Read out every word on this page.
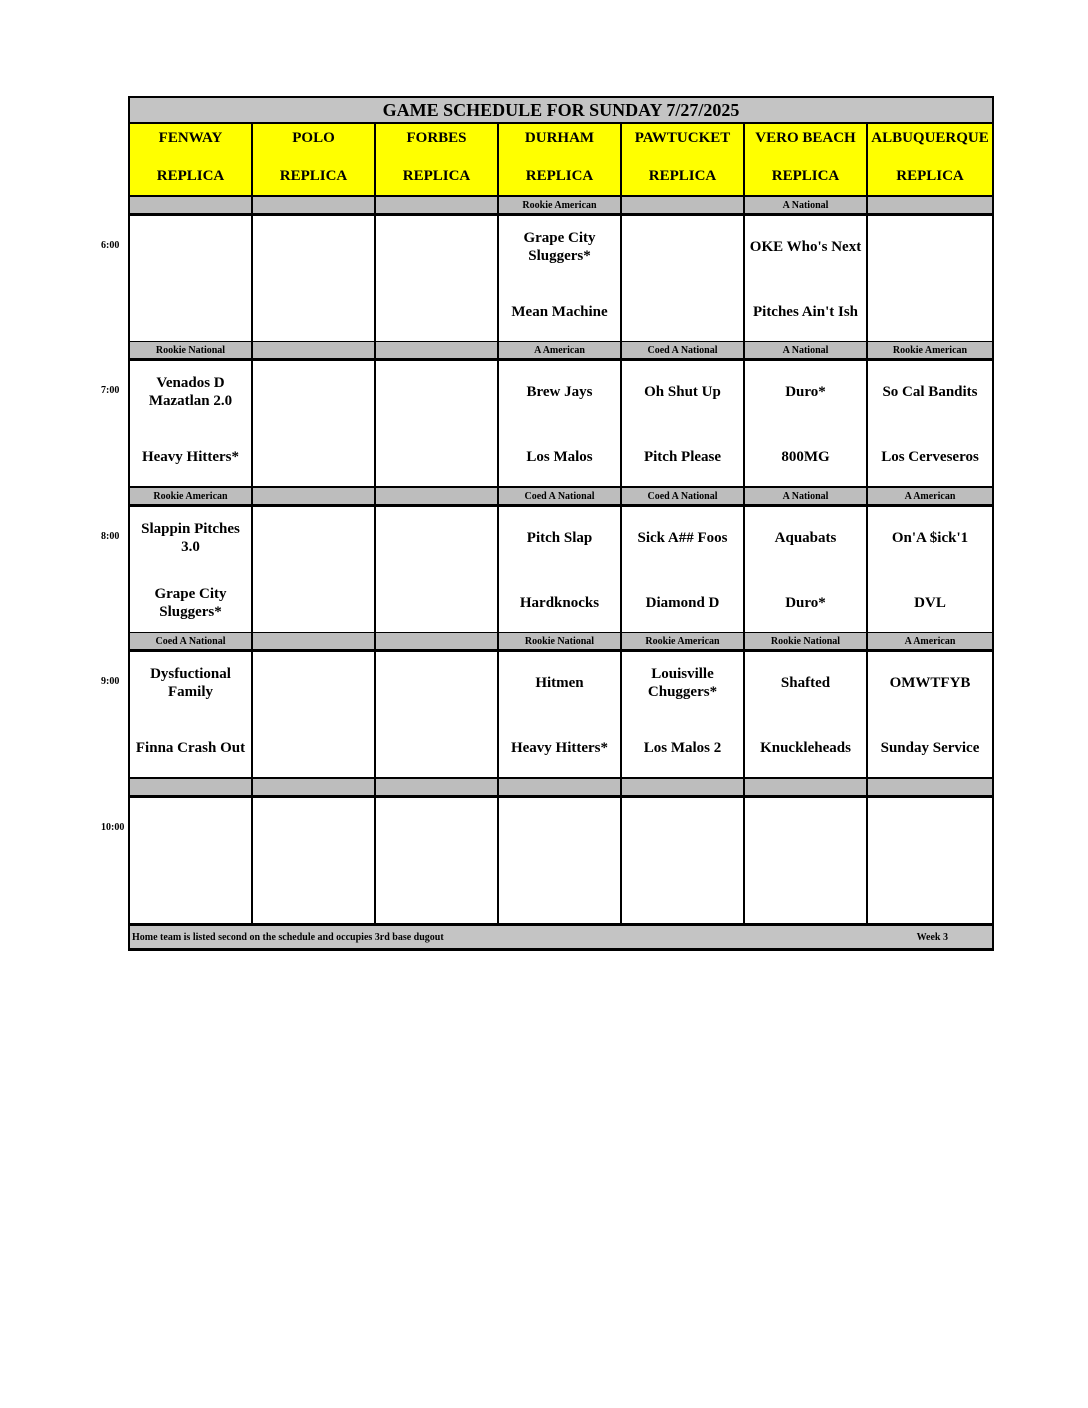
GAME SCHEDULE FOR SUNDAY 7/27/2025
Home team is listed second on the schedule and occupies 3rd base dugout	Week 3
FENWAY
REPLICA
POLO
REPLICA
FORBES
REPLICA
DURHAM
REPLICA
PAWTUCKET
REPLICA
VERO BEACH
REPLICA
ALBUQUERQUE
REPLICA
Rookie American
Grape City Sluggers*
Mean Machine
A National
OKE Who's Next
Pitches Ain't Ish
Rookie National
Venados D Mazatlan 2.0
Heavy Hitters*
A American
Brew Jays
Los Malos
Coed A National
Oh Shut Up
Pitch Please
A National
Duro*
800MG
Rookie American
So Cal Bandits
Los Cerveseros
Rookie American
Slappin Pitches 3.0
Grape City Sluggers*
Coed A National
Pitch Slap
Hardknocks
Coed A National
Sick A## Foos
Diamond D
A National
Aquabats
Duro*
A American
On'A $ick'1
DVL
Coed A National
Dysfuctional Family
Finna Crash Out
Rookie National
Hitmen
Heavy Hitters*
Rookie American
Louisville Chuggers*
Los Malos 2
Rookie National
Shafted
Knuckleheads
A American
OMWTFYB
Sunday Service
6:00
7:00
8:00
9:00
10:00
